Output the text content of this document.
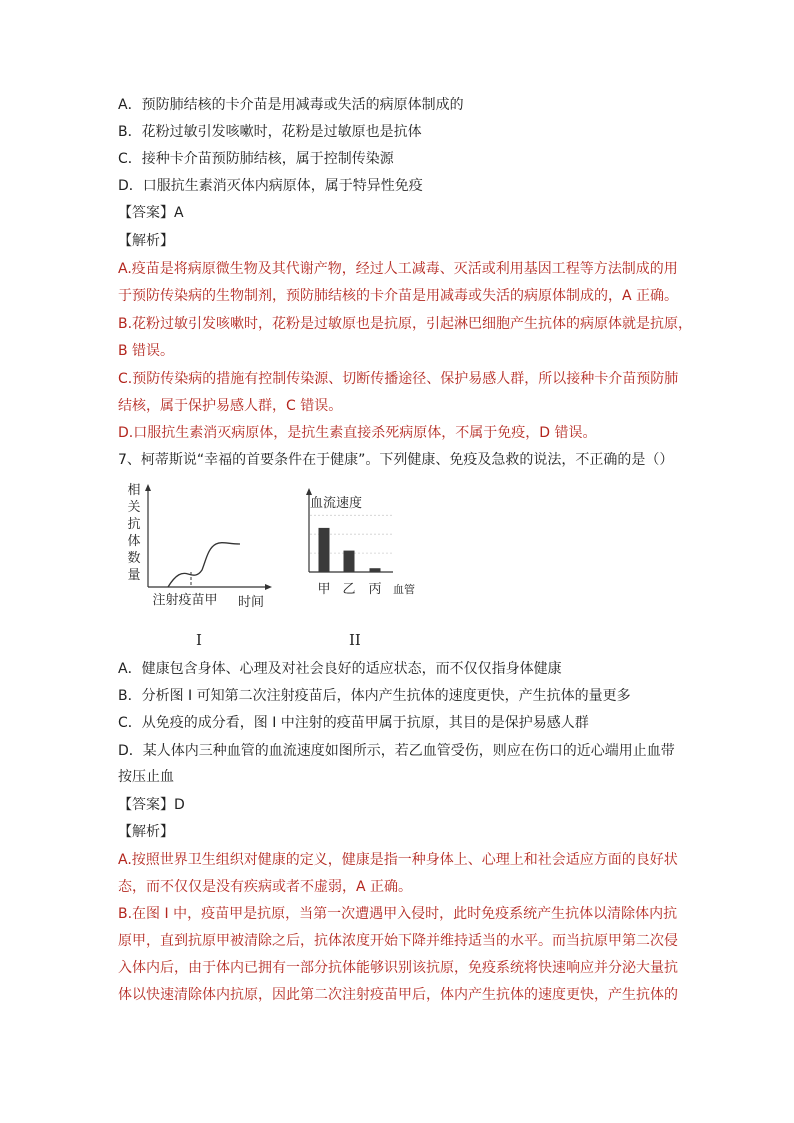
A．预防肺结核的卡介苗是用减毒或失活的病原体制成的
B．花粉过敏引发咳嗽时，花粉是过敏原也是抗体
C．接种卡介苗预防肺结核，属于控制传染源
D．口服抗生素消灭体内病原体，属于特异性免疫
【答案】A
【解析】
A.疫苗是将病原微生物及其代谢产物，经过人工减毒、灭活或利用基因工程等方法制成的用
于预防传染病的生物制剂，预防肺结核的卡介苗是用减毒或失活的病原体制成的，A 正确。
B.花粉过敏引发咳嗽时，花粉是过敏原也是抗原，引起淋巴细胞产生抗体的病原体就是抗原，
B 错误。
C.预防传染病的措施有控制传染源、切断传播途径、保护易感人群，所以接种卡介苗预防肺
结核，属于保护易感人群，C 错误。
D.口服抗生素消灭病原体，是抗生素直接杀死病原体，不属于免疫，D 错误。
7、柯蒂斯说“幸福的首要条件在于健康”。下列健康、免疫及急救的说法，不正确的是（）
相
关
抗
体
数
量
注射疫苗甲 时间
I
血流速度
甲 乙 丙 血管
II
A．健康包含身体、心理及对社会良好的适应状态，而不仅仅指身体健康
B．分析图 I 可知第二次注射疫苗后，体内产生抗体的速度更快，产生抗体的量更多
C．从免疫的成分看，图 I 中注射的疫苗甲属于抗原，其目的是保护易感人群
D．某人体内三种血管的血流速度如图所示，若乙血管受伤，则应在伤口的近心端用止血带
按压止血
【答案】D
【解析】
A.按照世界卫生组织对健康的定义，健康是指一种身体上、心理上和社会适应方面的良好状
态，而不仅仅是没有疾病或者不虚弱，A 正确。
B.在图 I 中，疫苗甲是抗原，当第一次遭遇甲入侵时，此时免疫系统产生抗体以清除体内抗
原甲，直到抗原甲被清除之后，抗体浓度开始下降并维持适当的水平。而当抗原甲第二次侵
入体内后，由于体内已拥有一部分抗体能够识别该抗原，免疫系统将快速响应并分泌大量抗
体以快速清除体内抗原，因此第二次注射疫苗甲后，体内产生抗体的速度更快，产生抗体的
